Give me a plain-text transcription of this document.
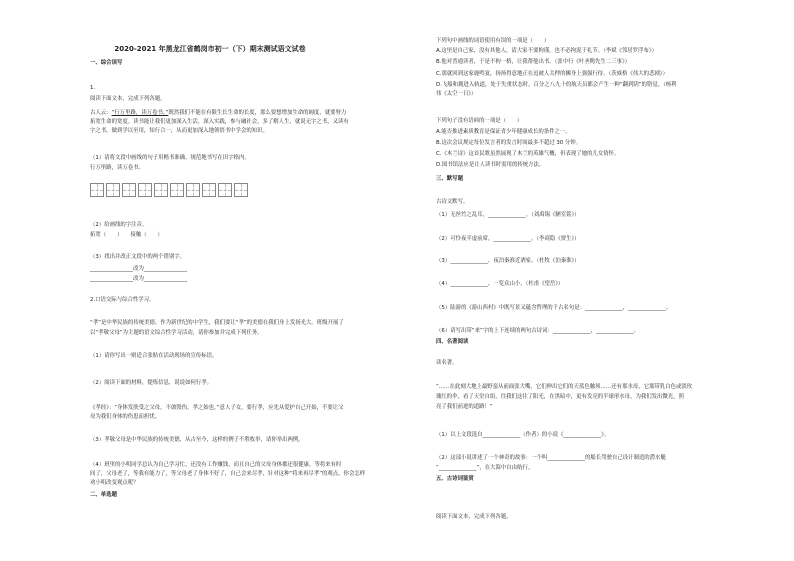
2020-2021 年黑龙江省鹤岗市初一（下）期末测试语文试卷
一、综合读写
1.
阅读下面文本，完成下列各题。
古人云：“行万里路，读万卷书。”既然我们不能在有限生长生命的长度，那么要想增加生命的阔度，就要努力
拓宽生命的宽度。读书能让我们更加深入生活，深入实践，参与融社会，多了解人生，就说无字之书，又读有
字之书，做到学以至用，知行合一，从而更加深入地领悟书中学会的知识。
（1）请将文段中画线的句子用楷书准确、规范地书写在田字格内。
行万里路，读万卷书。
（2）给画线的字注音。
拓宽（　　）　　接触（　　）
（3）找出并改正文段中的两个错别字。
________________改为________________
________________改为________________
2.口语交际与综合性学习。
“孝”是中华民族的传统美德。作为新世纪的中学生，我们要让“孝”的美德在我们身上发扬光大。班级开展了
以“孝敬父母”为主题的语文综合性学习活动，请你参加并完成下列任务。
（1）请你写出一则适合张贴在活动现场的宣传标语。
（2）阅读下面的材料，提炼信息，说说如何行孝。
《孝经》：“身体发肤受之父母，不敢毁伤，孝之始也。”意人子女，要行孝，应先从爱护自己开始，不要让父
母为我们身体的伤患而担忧。
（3）孝敬父母是中华民族的传统美德，从古至今，这样的例子不胜枚举，请你举出两例。
（4）班里的小明同学总认为自己学习忙，还没有工作赚钱，而且自己的父母身体都还很健康，等将来有时
间了，父母老了，等我有能力了，等父母老了身体不好了，自己会来尽孝，针对这种“将来再尽孝”的观点，你会怎样
劝小明改变观点呢？
二、单选题
下列句中画线的词语使用有误的一项是（　　）
A.这里是自己家，没有其他人，请大家不要拘谨，也不必拘泥于礼节。（李斌《邻居罗浮布》）
B.他对普通读者，于是不拘一格，让我帮他出书。（张中行《叶圣陶先生二三事》）
C.那就回到这家鹿鸣宴，扬扬得意地正在逗被人关押的狮身上强强行侍。（茨威格《伟大的悲剧》）
D.飞船和拥进入轨道，处于失重状态时，百分之八九十的航天员都会产生一种“翻到阴”的错觉。（杨利
伟《太空一日》）
下列句子没有语病的一项是（　　）
A.能否推进素质教育是保证青少年健康成长的条件之一。
B.这次会议规定每位发言者的发言时间最多不超过 30 分钟。
C.《木兰诗》这首民歌虽然展现了木兰的英雄气概，但表现了她的儿女情怀。
D.图书馆法应是让人读书时需用的传统方法。
三、默写题
古诗文默写。
（1）无丝竹之乱耳，______________。（刘禹锡《陋室铭》）
（2）可怜夜半虚前席，______________。（李商隐《贾生》）
（3）______________，夜泊秦淮近酒家。（杜牧《泊秦淮》）
（4）______________，一览众山小。（杜甫《望岳》）
（5）陆游的《游山西村》中既写景又蕴含哲理的千古名句是：______________，______________。
（6）请写出带“来”字的上下连续的两句古诗词：______________，______________。
四、名著阅读
读名著。
“……在此刻大地上最野蛮从前面张大嘴，它们伸出它们的天蓝色触须……还有那水母，它那带乳白色或淡玫
瑰红的伞，看了天堂自组，往我们这往了阳光，在黑暗中，更有发亮的半球形水母，为我们发出微光，照
亮了我们前进的道路！”
（1）以上文段选自______________（作者）的小说《______________》。
（2）这部小说讲述了一个神奇的故事：一个叫______________的船长驾驶自己设计制造的潜水艇
“______________”，在大海中自由航行。
五、古诗词鉴赏
阅读下面文本，完成下列各题。
